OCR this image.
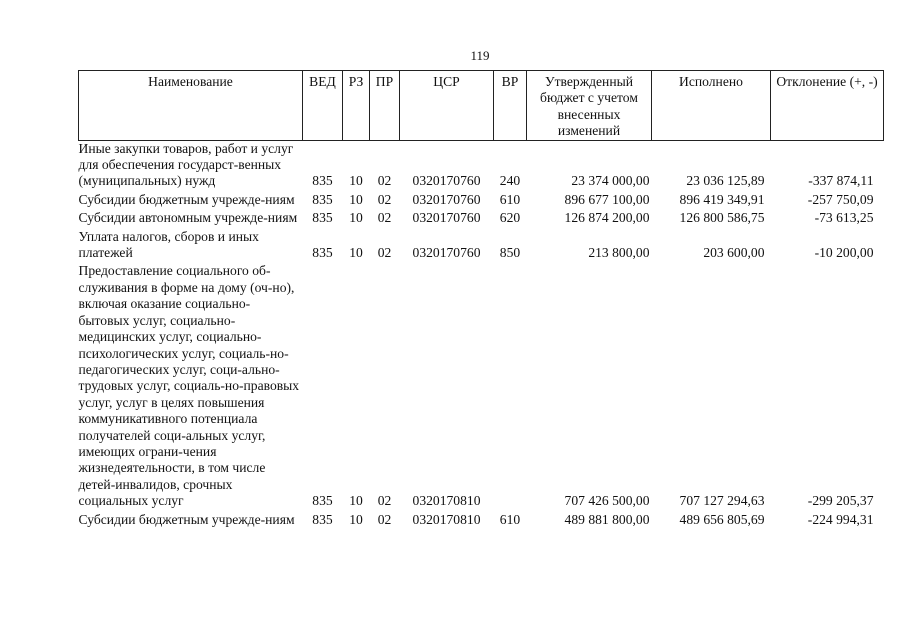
119
Наименование	ВЕД	РЗ	ПР	ЦСР	ВР	Утвержденный бюджет с учетом внесенных изменений	Исполнено	Отклонение (+, -)
Иные закупки товаров, работ и услуг для обеспечения государст-венных (муниципальных) нужд	835	10	02	0320170760	240	23 374 000,00	23 036 125,89	-337 874,11
Субсидии бюджетным учрежде-ниям	835	10	02	0320170760	610	896 677 100,00	896 419 349,91	-257 750,09
Субсидии автономным учрежде-ниям	835	10	02	0320170760	620	126 874 200,00	126 800 586,75	-73 613,25
Уплата налогов, сборов и иных платежей	835	10	02	0320170760	850	213 800,00	203 600,00	-10 200,00
Предоставление социального об-служивания в форме на дому (оч-но), включая оказание социально-бытовых услуг, социально-медицинских услуг, социально-психологических услуг, социаль-но-педагогических услуг, соци-ально-трудовых услуг, социаль-но-правовых услуг, услуг в целях повышения коммуникативного потенциала получателей соци-альных услуг, имеющих ограни-чения жизнедеятельности, в том числе детей-инвалидов, срочных социальных услуг	835	10	02	0320170810		707 426 500,00	707 127 294,63	-299 205,37
Субсидии бюджетным учрежде-ниям	835	10	02	0320170810	610	489 881 800,00	489 656 805,69	-224 994,31
